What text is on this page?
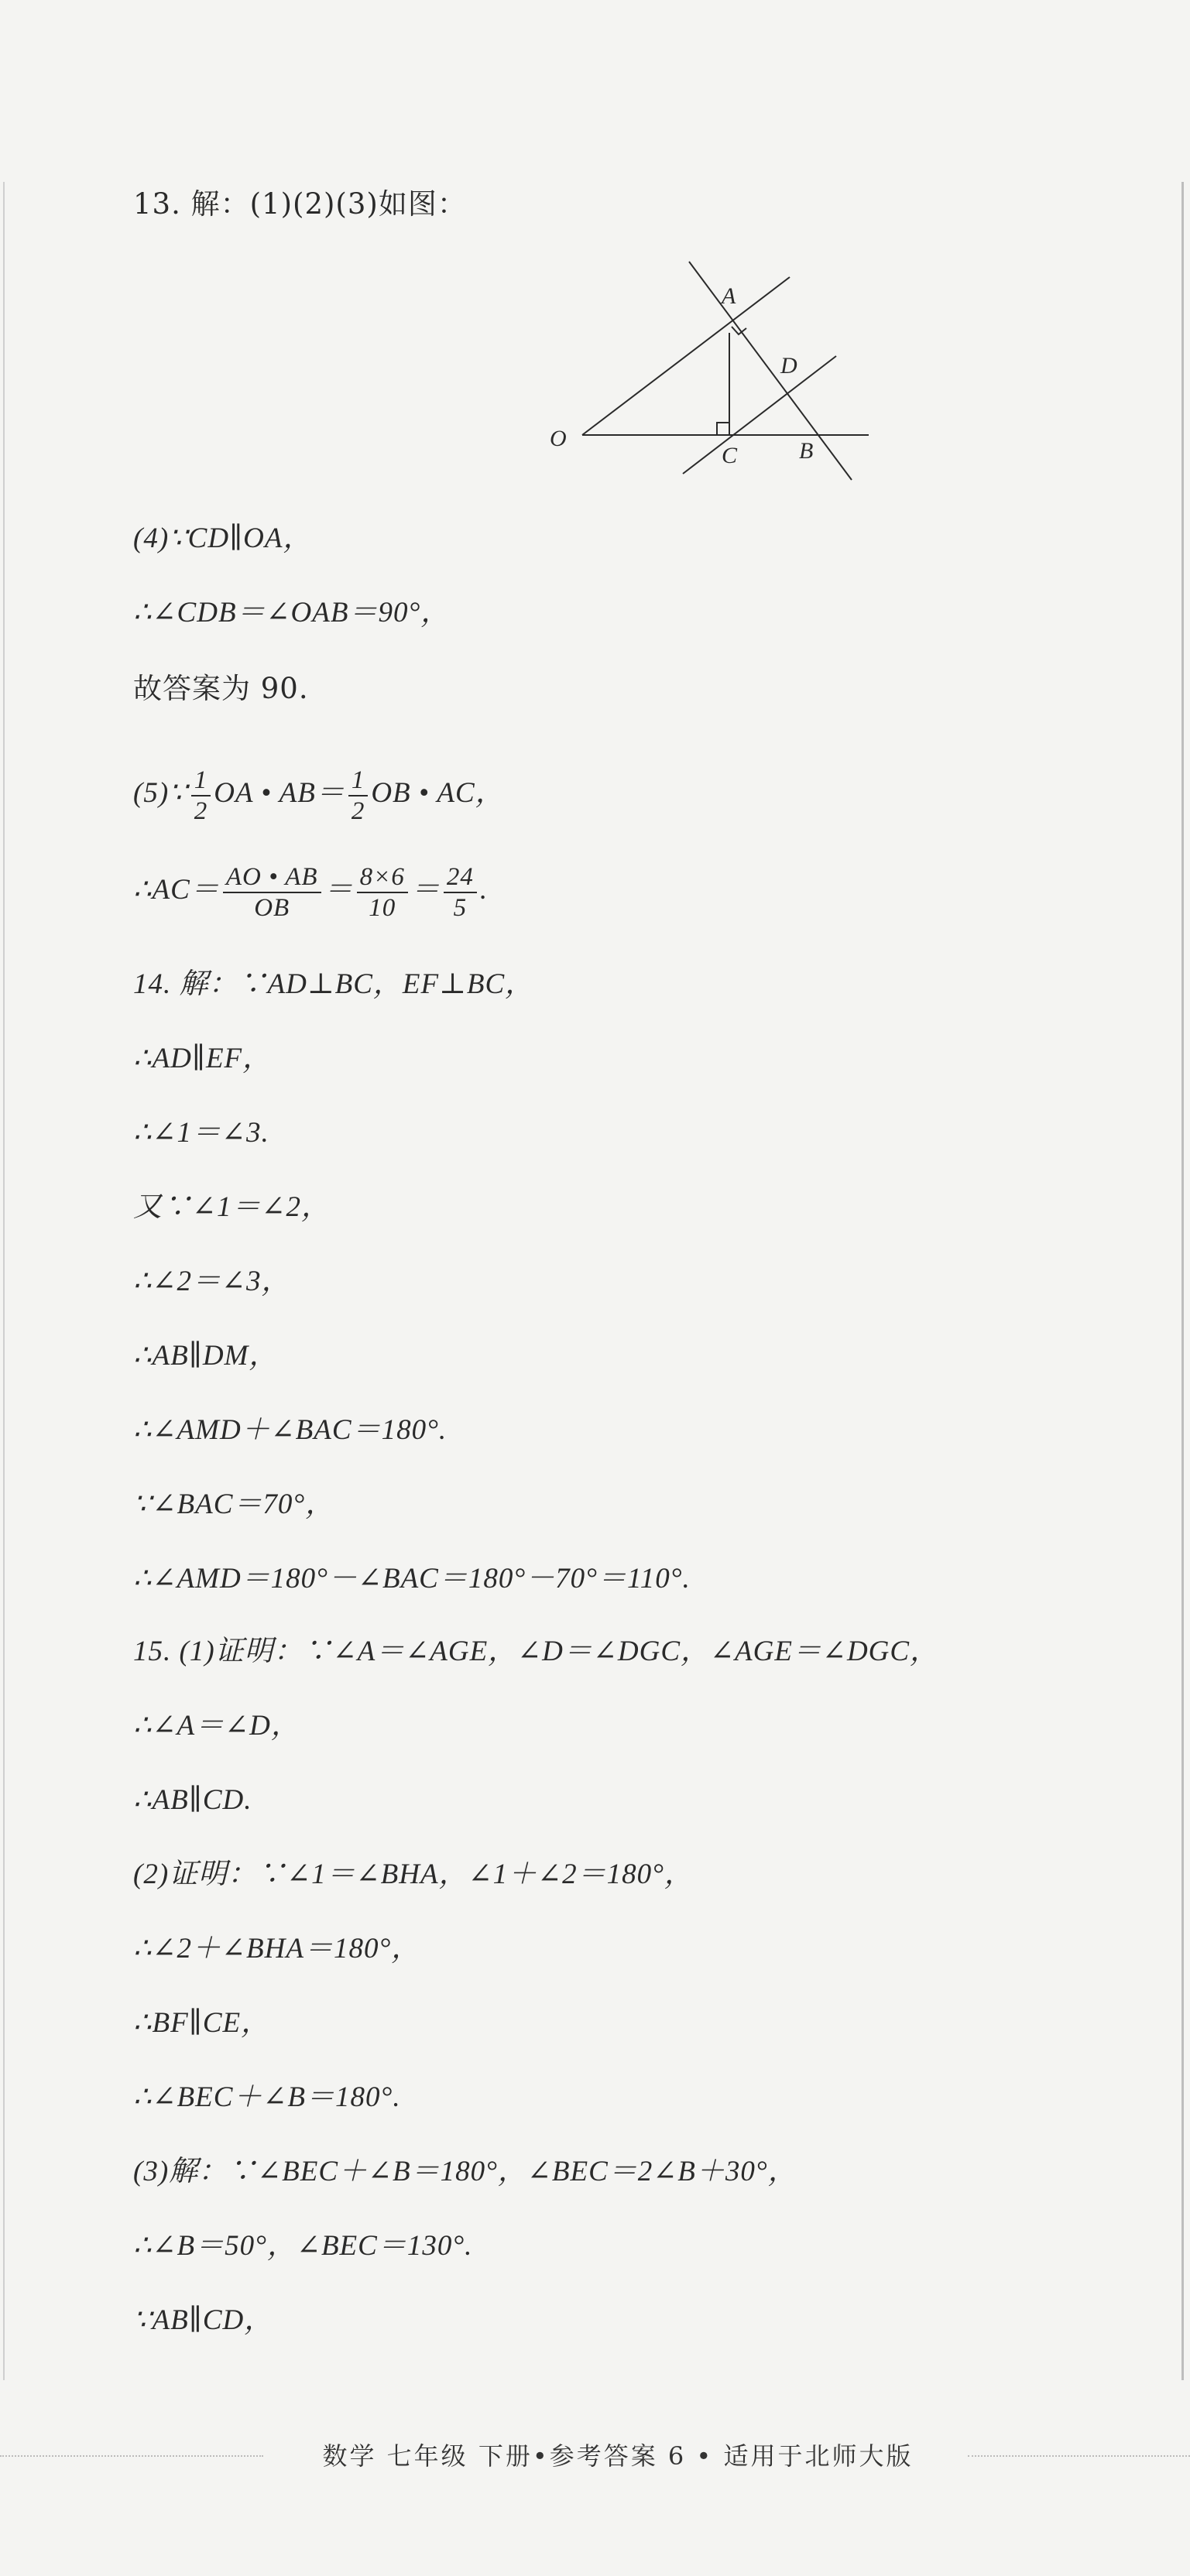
13. 解：(1)(2)(3)如图：
A
D
O
C	B
(4)∵CD∥OA，
∴∠CDB＝∠OAB＝90°，
故答案为 90.
(5)∵ $\frac{1}{2}$ OA • $AB= \frac{1}{2}$ OB • AC，
∴AC＝ $\frac{AO • AB}{OB} = \frac{8\times 6}{10} = \frac{24}{5}$ .
14. 解：∵AD⊥BC，EF⊥BC，
∴AD∥EF，
∴∠1＝∠3.
又∵∠1＝∠2，
∴∠2＝∠3，
∴AB∥DM，
∴∠AMD＋∠BAC＝180°.
∵∠BAC＝70°，
∴∠AMD＝180°－∠BAC＝180°－70°＝110°.
15. (1)证明：∵∠A＝∠AGE，∠D＝∠DGC，∠AGE＝∠DGC，
∴∠A＝∠D，
∴AB∥CD.
(2)证明：∵∠1＝∠BHA，∠1＋∠2＝180°，
∴∠2＋∠BHA＝180°，
∴BF∥CE，
∴∠BEC＋∠B＝180°.
(3)解：∵∠BEC＋∠B＝180°，∠BEC＝2∠B＋30°，
∴∠B＝50°，∠BEC＝130°.
∵AB∥CD，
数学 七年级 下册•参考答案 6 • 适用于北师大版
